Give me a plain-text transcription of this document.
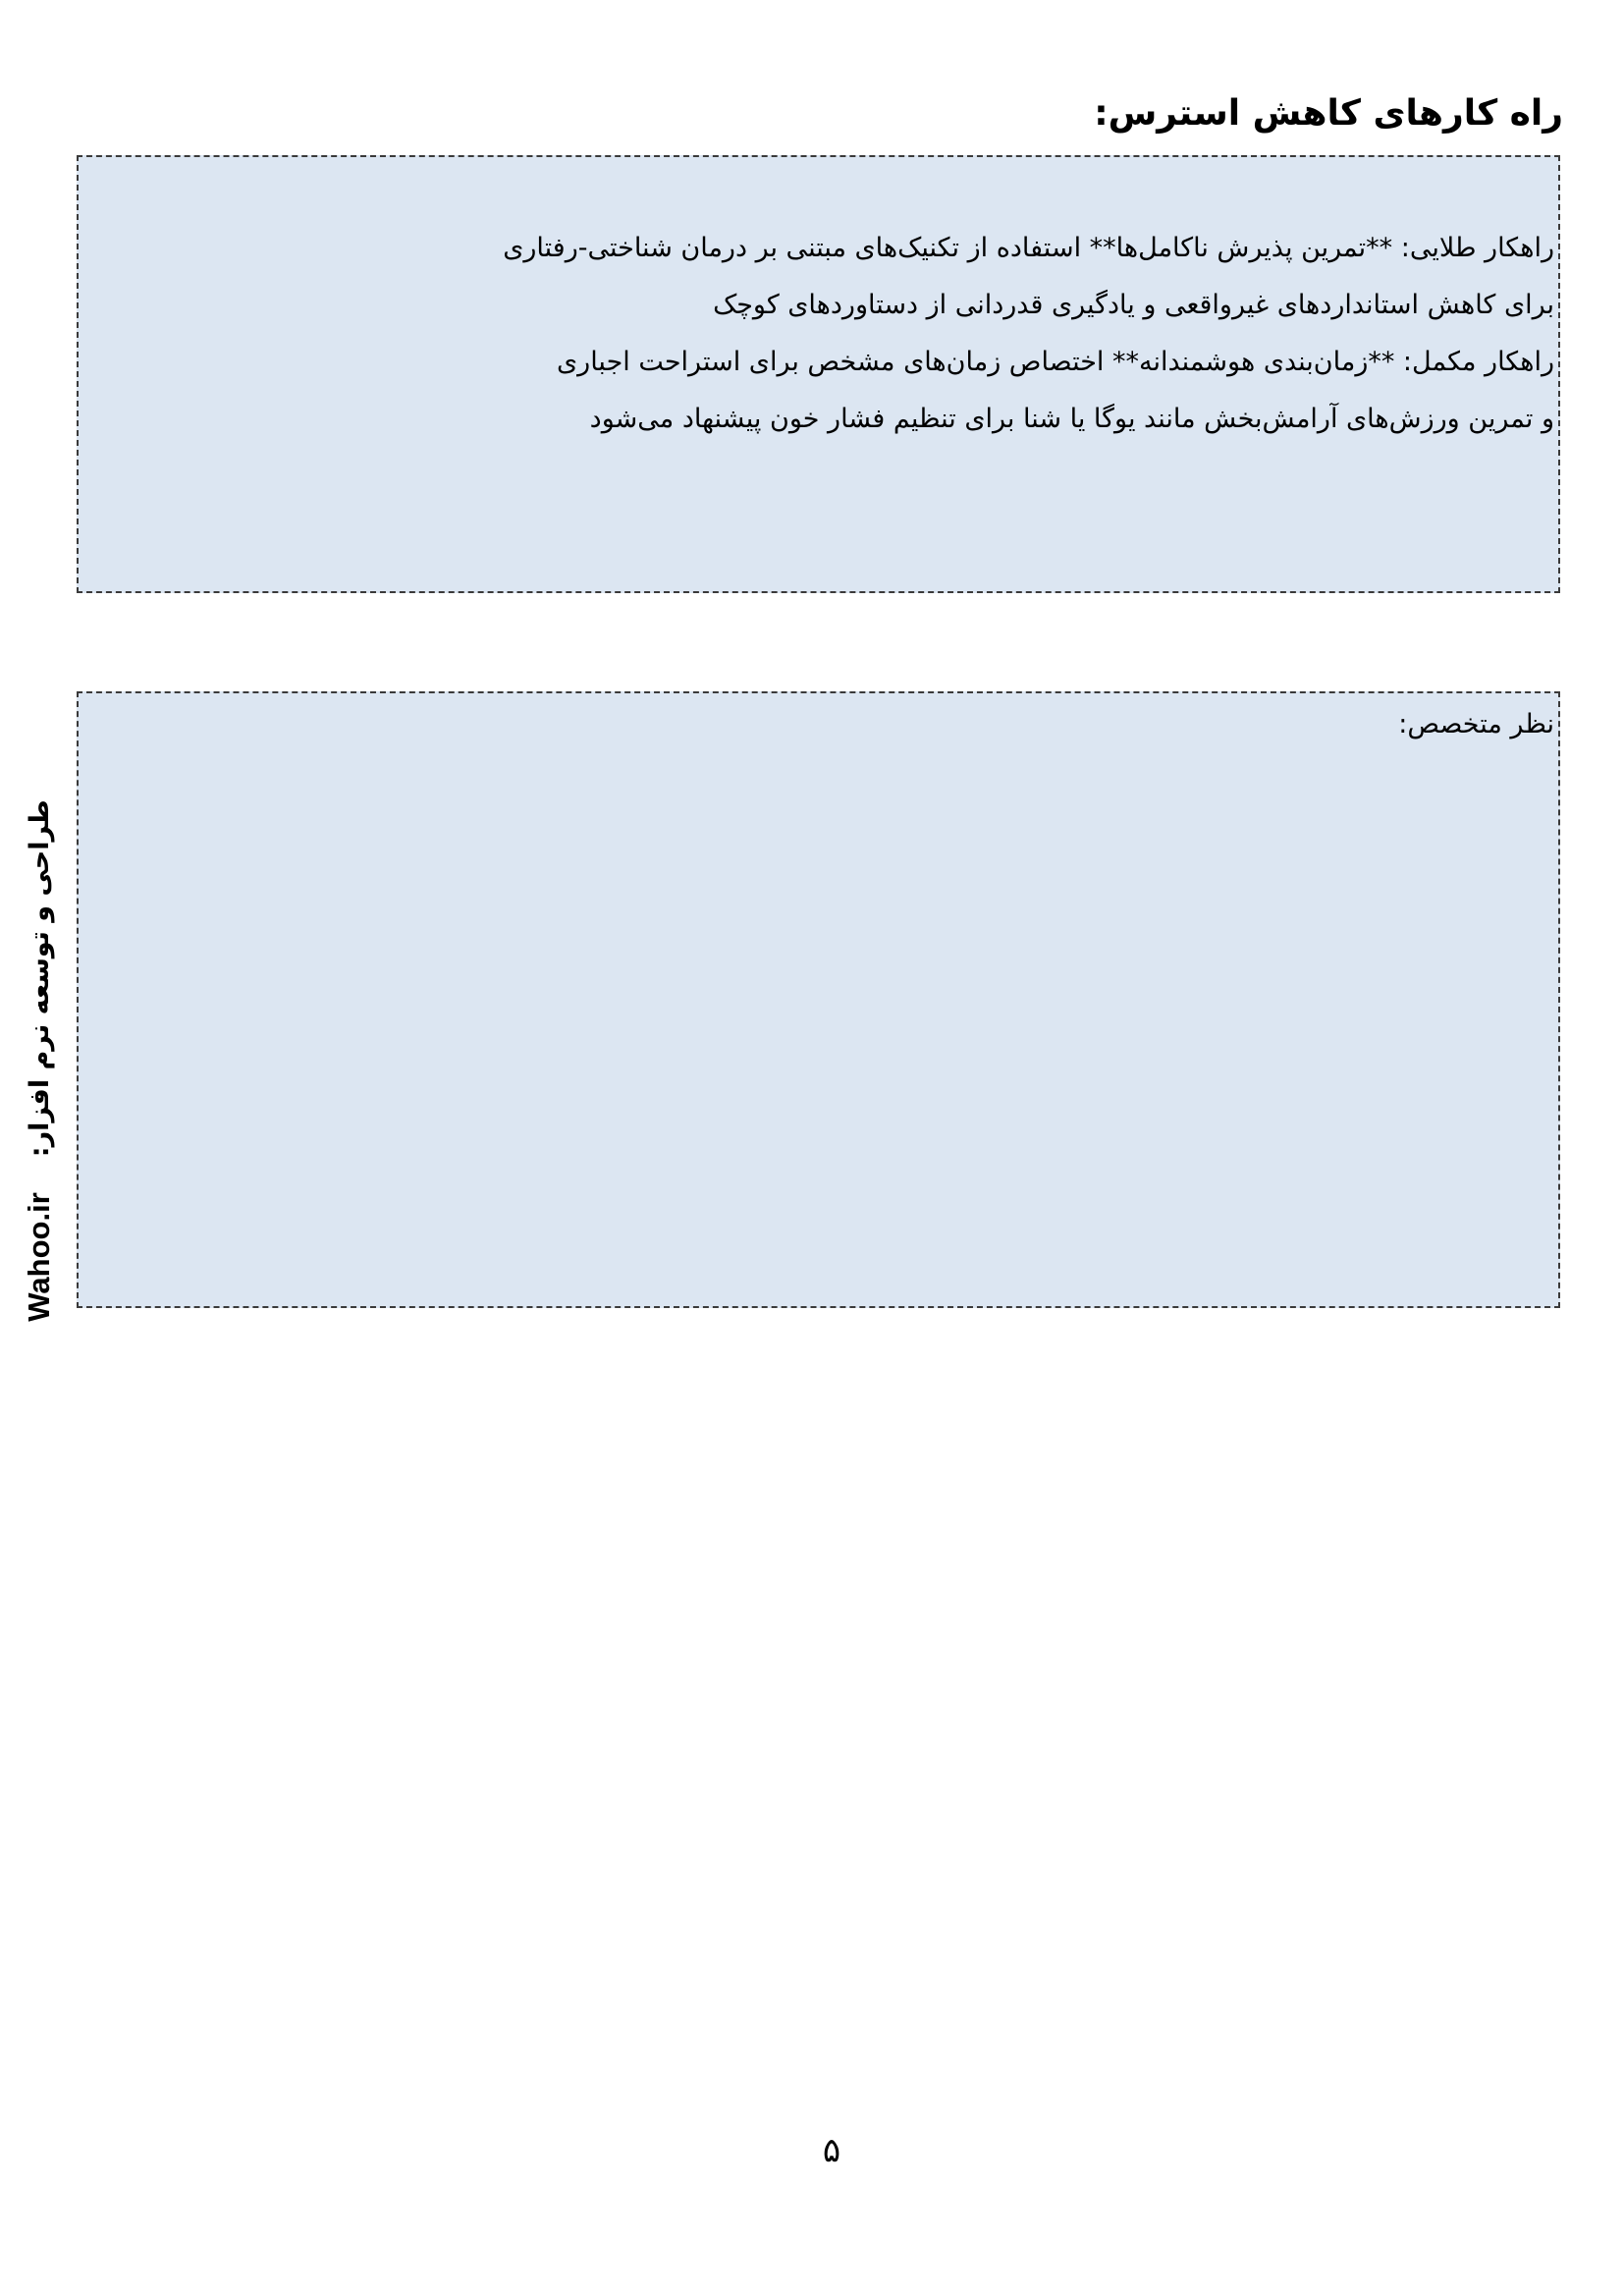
راه کارهای کاهش استرس:
راهکار طلایی: **تمرین پذیرش ناکامل‌ها** استفاده از تکنیک‌های مبتنی بر درمان شناختی-رفتاری
برای کاهش استانداردهای غیرواقعی و یادگیری قدردانی از دستاوردهای کوچک
راهکار مکمل: **زمان‌بندی هوشمندانه** اختصاص زمان‌های مشخص برای استراحت اجباری
و تمرین ورزش‌های آرامش‌بخش مانند یوگا یا شنا برای تنظیم فشار خون پیشنهاد می‌شود
نظر متخصص:
Wahoo.ir
طراحی و توسعه نرم افزار:
۵
